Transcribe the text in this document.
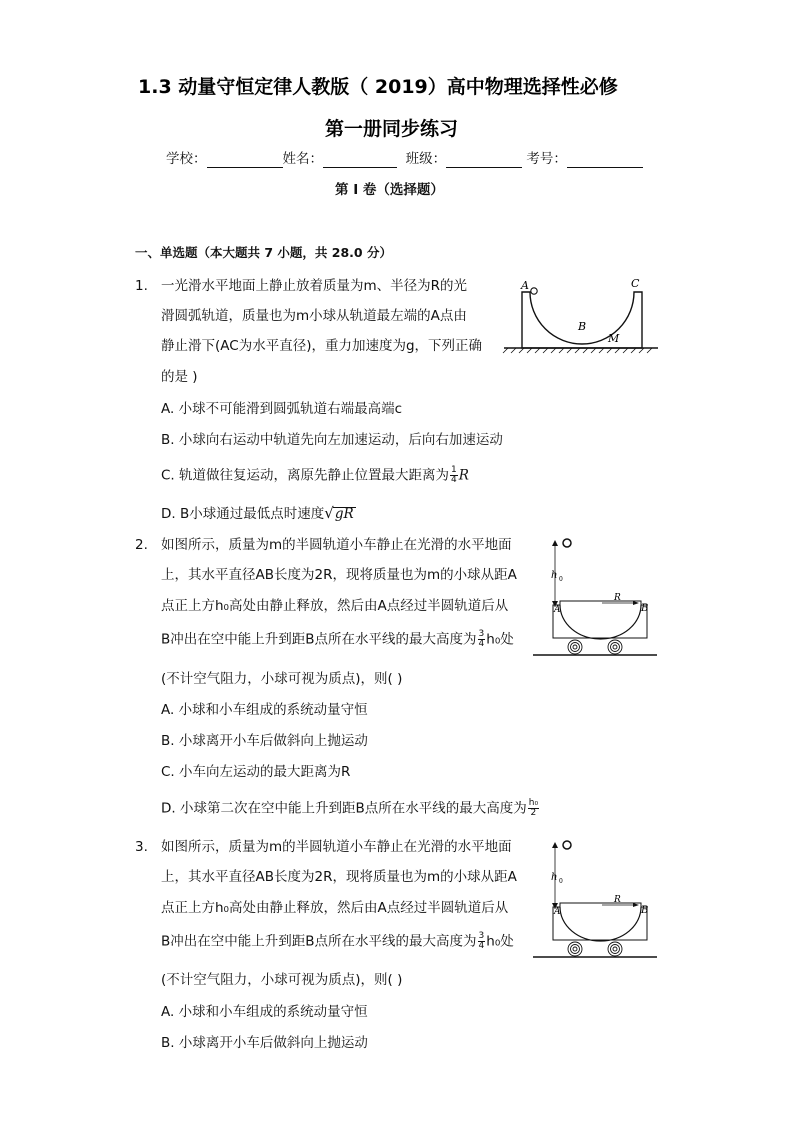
1.3 动量守恒定律人教版（ 2019）高中物理选择性必修
第一册同步练习
学校：	姓名：	班级：	考号：
第 I 卷（选择题）
一、单选题（本大题共 7 小题，共 28.0 分）
1. 一光滑水平地面上静止放着质量为m、半径为R的光
滑圆弧轨道，质量也为m小球从轨道最左端的A点由
静止滑下(AC为水平直径)，重力加速度为g，下列正确
的是 )
A. 小球不可能滑到圆弧轨道右端最高端c
B. 小球向右运动中轨道先向左加速运动，后向右加速运动
C. 轨道做往复运动，离原先静止位置最大距离为 $\frac{1}{4}$ R
D. B小球通过最低点时速度√gR
A	C
B
M
2. 如图所示，质量为m的半圆轨道小车静止在光滑的水平地面
上，其水平直径AB长度为2R，现将质量也为m的小球从距A
点正上方h₀高处由静止释放，然后由A点经过半圆轨道后从
B冲出在空中能上升到距B点所在水平线的最大高度为 $\frac{3}{4} h_0$处
(不计空气阻力，小球可视为质点)，则( )
A. 小球和小车组成的系统动量守恒
B. 小球离开小车后做斜向上抛运动
C. 小车向左运动的最大距离为R
D. 小球第二次在空中能上升到距B点所在水平线的最大高度为 $\frac{\text{h₀}}{2}$
h 0
A	B
R
3. 如图所示，质量为m的半圆轨道小车静止在光滑的水平地面
上，其水平直径AB长度为2R，现将质量也为m的小球从距A
点正上方h₀高处由静止释放，然后由A点经过半圆轨道后从
B冲出在空中能上升到距B点所在水平线的最大高度为 $\frac{3}{4} h_0$处
(不计空气阻力，小球可视为质点)，则( )
A. 小球和小车组成的系统动量守恒
B. 小球离开小车后做斜向上抛运动
h 0
A	B
R
